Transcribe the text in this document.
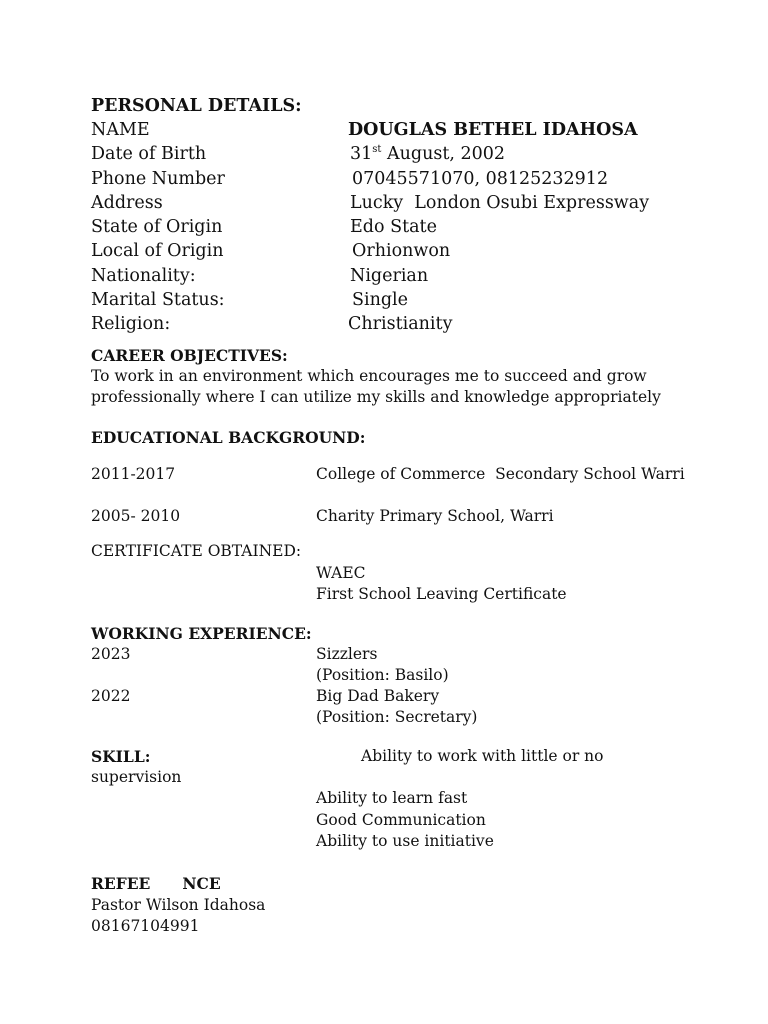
PERSONAL DETAILS:
NAME	DOUGLAS BETHEL IDAHOSA
Date of Birth	31st August, 2002
Phone Number	07045571070, 08125232912
Address	Lucky  London Osubi Expressway
State of Origin	Edo State
Local of Origin	Orhionwon
Nationality:	Nigerian
Marital Status:	Single
Religion:	Christianity
CAREER OBJECTIVES:
To work in an environment which encourages me to succeed and grow
professionally where I can utilize my skills and knowledge appropriately
EDUCATIONAL BACKGROUND:
2011-2017	College of Commerce  Secondary School Warri
2005- 2010	Charity Primary School, Warri
CERTIFICATE OBTAINED:
WAEC
First School Leaving Certificate
WORKING EXPERIENCE:
2023	Sizzlers
(Position: Basilo)
2022	Big Dad Bakery
(Position: Secretary)
SKILL:	Ability to work with little or no
supervision
Ability to learn fast
Good Communication
Ability to use initiative
REFEE NCE
Pastor Wilson Idahosa
08167104991
